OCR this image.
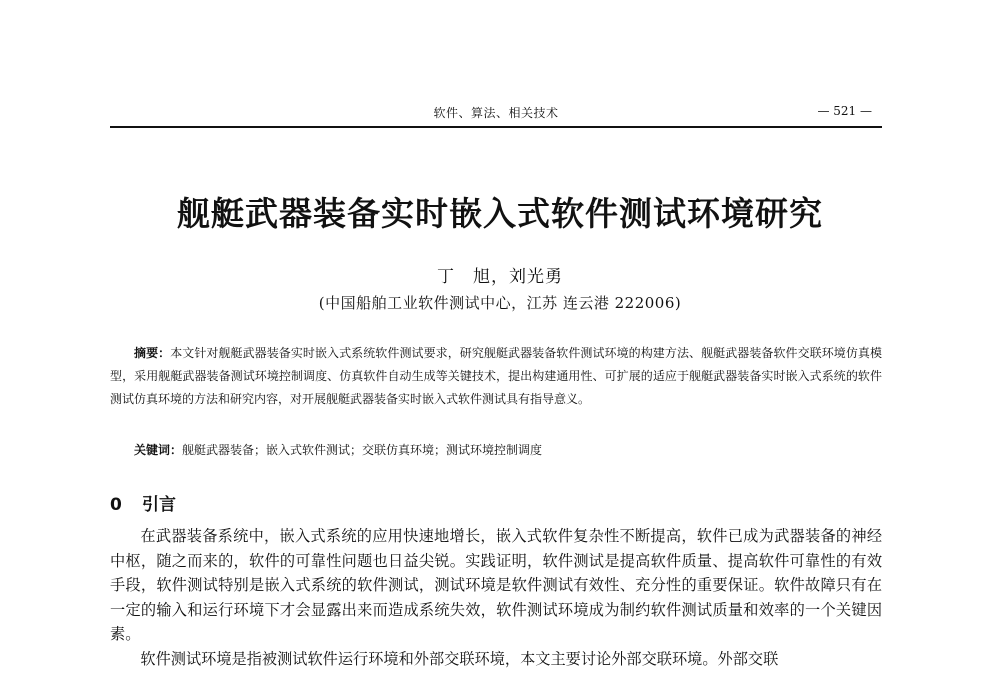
软件、算法、相关技术	— 521 —
舰艇武器装备实时嵌入式软件测试环境研究
丁　旭，刘光勇
(中国船舶工业软件测试中心，江苏 连云港 222006)
摘要：本文针对舰艇武器装备实时嵌入式系统软件测试要求，研究舰艇武器装备软件测试环境的构建方法、舰艇武器装备软件交联环境仿真模型，采用舰艇武器装备测试环境控制调度、仿真软件自动生成等关键技术，提出构建通用性、可扩展的适应于舰艇武器装备实时嵌入式系统的软件测试仿真环境的方法和研究内容，对开展舰艇武器装备实时嵌入式软件测试具有指导意义。
关键词：舰艇武器装备；嵌入式软件测试；交联仿真环境；测试环境控制调度
0 引言

在武器装备系统中，嵌入式系统的应用快速地增长，嵌入式软件复杂性不断提高，软件已成为武器装备的神经中枢，随之而来的，软件的可靠性问题也日益尖锐。实践证明，软件测试是提高软件质量、提高软件可靠性的有效手段，软件测试特别是嵌入式系统的软件测试，测试环境是软件测试有效性、充分性的重要保证。软件故障只有在一定的输入和运行环境下才会显露出来而造成系统失效，软件测试环境成为制约软件测试质量和效率的一个关键因素。

软件测试环境是指被测试软件运行环境和外部交联环境，本文主要讨论外部交联环境。外部交联
